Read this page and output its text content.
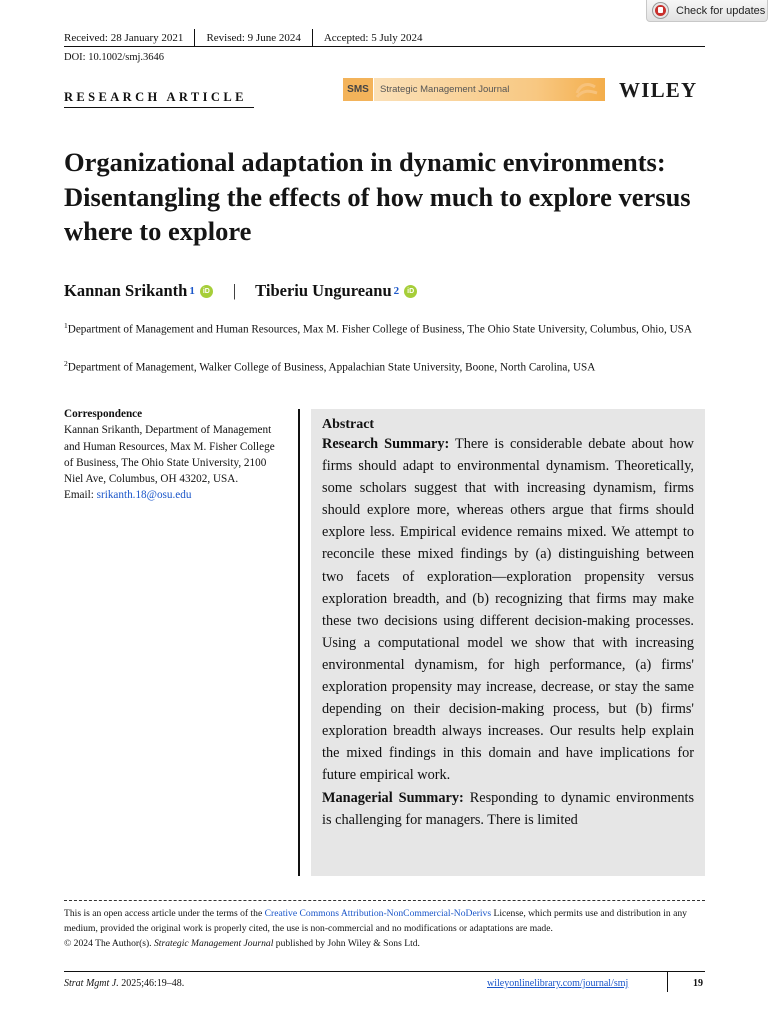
Check for updates
Received: 28 January 2021	Revised: 9 June 2024	Accepted: 5 July 2024
DOI: 10.1002/smj.3646
RESEARCH ARTICLE
SMS	Strategic Management Journal	WILEY
Organizational adaptation in dynamic environments: Disentangling the effects of how much to explore versus where to explore
Kannan Srikanth 1	iD | Tiberiu Ungureanu 2	iD
$^1$Department of Management and Human Resources, Max M. Fisher College of Business, The Ohio State University, Columbus, Ohio, USA
$^2$Department of Management, Walker College of Business, Appalachian State University, Boone, North Carolina, USA
Correspondence
Kannan Srikanth, Department of Management and Human Resources, Max M. Fisher College of Business, The Ohio State University, 2100 Niel Ave, Columbus, OH 43202, USA.
Email: srikanth.18@osu.edu
Abstract

Research Summary: There is considerable debate about how firms should adapt to environmental dynamism. Theoretically, some scholars suggest that with increasing dynamism, firms should explore more, whereas others argue that firms should explore less. Empirical evidence remains mixed. We attempt to reconcile these mixed findings by (a) distinguishing between two facets of exploration—exploration propensity versus exploration breadth, and (b) recognizing that firms may make these two decisions using different decision-making processes. Using a computational model we show that with increasing environmental dynamism, for high performance, (a) firms' exploration propensity may increase, decrease, or stay the same depending on their decision-making process, but (b) firms' exploration breadth always increases. Our results help explain the mixed findings in this domain and have implications for future empirical work.

Managerial Summary: Responding to dynamic environments is challenging for managers. There is limited

This is an open access article under the terms of the Creative Commons Attribution-NonCommercial-NoDerivs License, which permits use and distribution in any medium, provided the original work is properly cited, the use is non-commercial and no modifications or adaptations are made.
© 2024 The Author(s). Strategic Management Journal published by John Wiley & Sons Ltd.
Strat Mgmt J. 2025;46:19–48.	wileyonlinelibrary.com/journal/smj	19
